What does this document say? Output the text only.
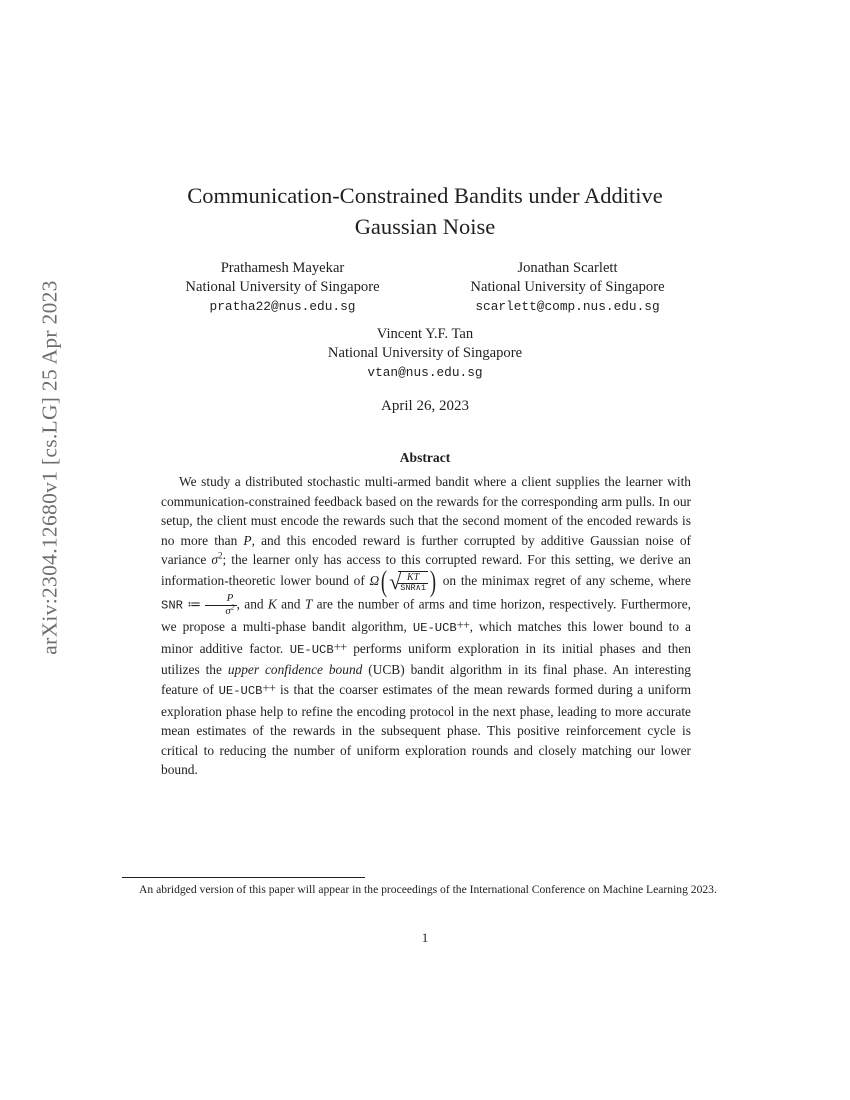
arXiv:2304.12680v1 [cs.LG] 25 Apr 2023
Communication-Constrained Bandits under Additive
Gaussian Noise
Prathamesh Mayekar
National University of Singapore
pratha22@nus.edu.sg
Jonathan Scarlett
National University of Singapore
scarlett@comp.nus.edu.sg
Vincent Y.F. Tan
National University of Singapore
vtan@nus.edu.sg
April 26, 2023
Abstract
We study a distributed stochastic multi-armed bandit where a client supplies the learner with communication-constrained feedback based on the rewards for the corresponding arm pulls. In our setup, the client must encode the rewards such that the second moment of the encoded rewards is no more than P, and this encoded reward is further corrupted by additive Gaussian noise of variance $\sigma^2$; the learner only has access to this corrupted reward. For this setting, we derive an information-theoretic lower bound of Ω( √
$\frac{KT}{\text{SNR∧1}}$ ) on the minimax regret of any scheme, where SNR ≔ $\frac{P}{\sigma^2}$ , and K and T are the number of arms and time horizon, respectively. Furthermore, we propose a multi-phase bandit algorithm, UE-UCB++, which matches this lower bound to a minor additive factor. UE-UCB++ performs uniform exploration in its initial phases and then utilizes the upper confidence bound (UCB) bandit algorithm in its final phase. An interesting feature of UE-UCB++ is that the coarser estimates of the mean rewards formed during a uniform exploration phase help to refine the encoding protocol in the next phase, leading to more accurate mean estimates of the rewards in the subsequent phase. This positive reinforcement cycle is critical to reducing the number of uniform exploration rounds and closely matching our lower bound.
An abridged version of this paper will appear in the proceedings of the International Conference on Machine Learning 2023.
1
